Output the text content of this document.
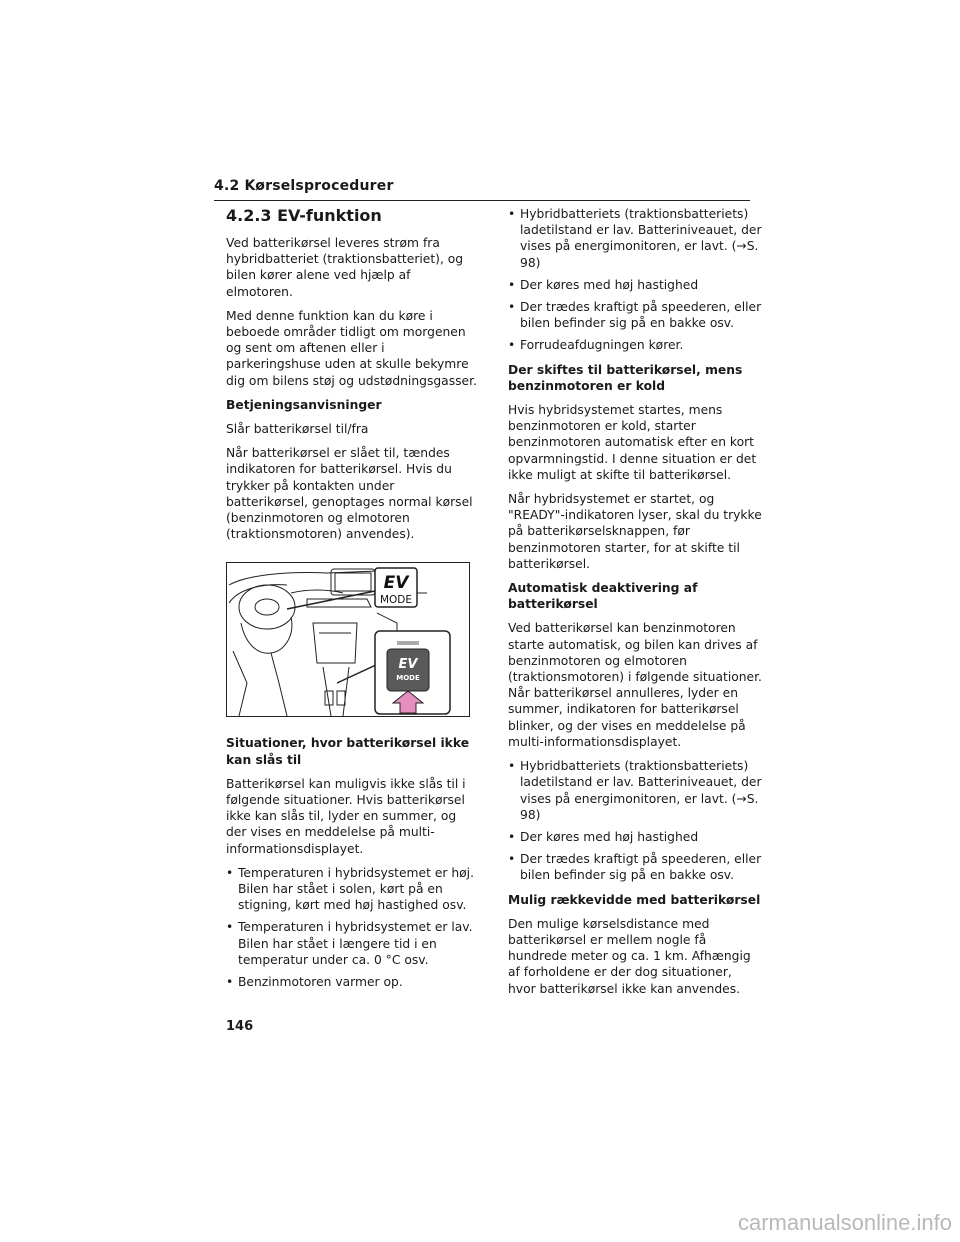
4.2 Kørselsprocedurer
4.2.3 EV-funktion

Ved batterikørsel leveres strøm fra hybridbatteriet (traktionsbatteriet), og bilen kører alene ved hjælp af elmotoren.

Med denne funktion kan du køre i beboede områder tidligt om morgenen og sent om aftenen eller i parkeringshuse uden at skulle bekymre dig om bilens støj og udstødningsgasser.

Betjeningsanvisninger

Slår batterikørsel til/fra

Når batterikørsel er slået til, tændes indikatoren for batterikørsel. Hvis du trykker på kontakten under batterikørsel, genoptages normal kørsel (benzinmotoren og elmotoren (traktionsmotoren) anvendes).

EV
MODE
EV
MODE

Situationer, hvor batterikørsel ikke kan slås til

Batterikørsel kan muligvis ikke slås til i følgende situationer. Hvis batterikørsel ikke kan slås til, lyder en summer, og der vises en meddelelse på multi-informationsdisplayet.

• Temperaturen i hybridsystemet er høj. Bilen har stået i solen, kørt på en stigning, kørt med høj hastighed osv.
• Temperaturen i hybridsystemet er lav. Bilen har stået i længere tid i en temperatur under ca. 0 °C osv.
• Benzinmotoren varmer op.
• Hybridbatteriets (traktionsbatteriets) ladetilstand er lav. Batteriniveauet, der vises på energimonitoren, er lavt. (→S. 98)
• Der køres med høj hastighed
• Der trædes kraftigt på speederen, eller bilen befinder sig på en bakke osv.
• Forrudeafdugningen kører.

Der skiftes til batterikørsel, mens benzinmotoren er kold

Hvis hybridsystemet startes, mens benzinmotoren er kold, starter benzinmotoren automatisk efter en kort opvarmningstid. I denne situation er det ikke muligt at skifte til batterikørsel.

Når hybridsystemet er startet, og "READY"-indikatoren lyser, skal du trykke på batterikørselsknappen, før benzinmotoren starter, for at skifte til batterikørsel.

Automatisk deaktivering af batterikørsel

Ved batterikørsel kan benzinmotoren starte automatisk, og bilen kan drives af benzinmotoren og elmotoren (traktionsmotoren) i følgende situationer. Når batterikørsel annulleres, lyder en summer, indikatoren for batterikørsel blinker, og der vises en meddelelse på multi-informationsdisplayet.

• Hybridbatteriets (traktionsbatteriets) ladetilstand er lav. Batteriniveauet, der vises på energimonitoren, er lavt. (→S. 98)
• Der køres med høj hastighed
• Der trædes kraftigt på speederen, eller bilen befinder sig på en bakke osv.

Mulig rækkevidde med batterikørsel

Den mulige kørselsdistance med batterikørsel er mellem nogle få hundrede meter og ca. 1 km. Afhængig af forholdene er der dog situationer, hvor batterikørsel ikke kan anvendes.

146
carmanualsonline.info
